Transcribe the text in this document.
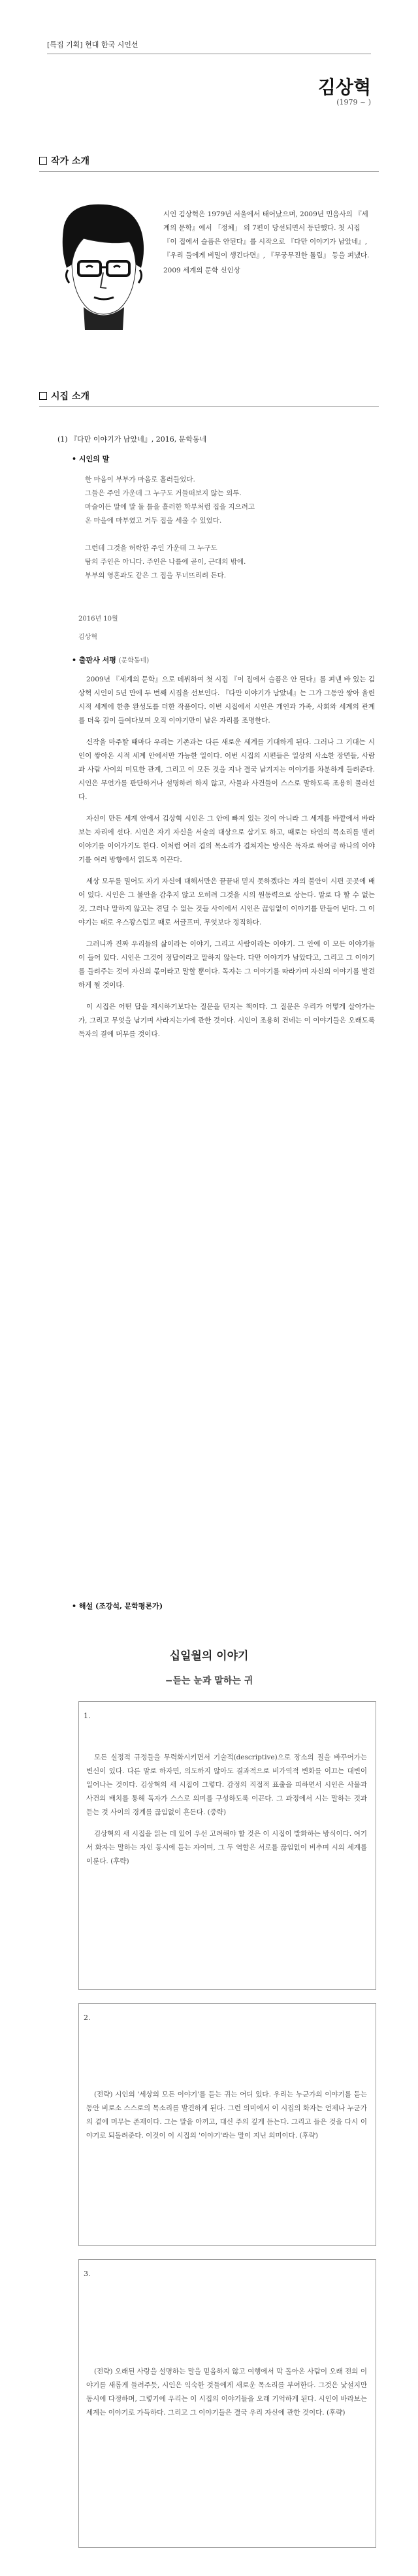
[특집 기획] 현대 한국 시인선
김상혁
(1979 ~ )
작가 소개

시인 김상혁은 1979년 서울에서 태어났으며, 2009년 민음사의 『세계의 문학』에서 「정체」 외 7편이 당선되면서 등단했다. 첫 시집 『이 집에서 슬픔은 안된다』를 시작으로 『다만 이야기가 남았네』, 『우리 둘에게 비밀이 생긴다면』, 『무궁무진한 튤립』 등을 펴냈다.

2009 세계의 문학 신인상

시집 소개
(1) 『다만 이야기가 남았네』, 2016, 문학동네
• 시인의 말
한 마음이 부부가 마음로 흘러들었다.
그들은 주인 가운데 그 누구도 거들떠보지 않는 외투.
마술이든 말에 말 둘 틀을 흘러한 학부처럼 집을 지으려고
온 마을에 마부였고 거두 집을 세울 수 있었다.
그런데 그것을 허락한 주인 가운데 그 누구도
탐의 주인은 아니다. 주인은 나를에 곧이, 근대의 밖에.
부부의 영혼과도 같은 그 집을 무너뜨리려 든다.
2016년 10월
김상혁
• 출판사 서평 (문학동네)

2009년 『세계의 문학』으로 데뷔하여 첫 시집 『이 집에서 슬픔은 안 된다』를 펴낸 바 있는 김상혁 시인이 5년 만에 두 번째 시집을 선보인다. 『다만 이야기가 남았네』는 그가 그동안 쌓아 올린 시적 세계에 한층 완성도를 더한 작품이다. 이번 시집에서 시인은 개인과 가족, 사회와 세계의 관계를 더욱 깊이 들여다보며 오직 이야기만이 남은 자리를 조명한다.

신작을 마주할 때마다 우리는 기존과는 다른 새로운 세계를 기대하게 된다. 그러나 그 기대는 시인이 쌓아온 시적 세계 안에서만 가능한 일이다. 이번 시집의 시편들은 일상의 사소한 장면들, 사람과 사람 사이의 미묘한 관계, 그리고 이 모든 것을 지나 결국 남겨지는 이야기를 차분하게 들려준다. 시인은 무언가를 판단하거나 설명하려 하지 않고, 사물과 사건들이 스스로 말하도록 조용히 물러선다.

자신이 만든 세계 안에서 김상혁 시인은 그 안에 빠져 있는 것이 아니라 그 세계를 바깥에서 바라보는 자리에 선다. 시인은 자기 자신을 서술의 대상으로 삼기도 하고, 때로는 타인의 목소리를 빌려 이야기를 이어가기도 한다. 이처럼 여러 겹의 목소리가 겹쳐지는 방식은 독자로 하여금 하나의 이야기를 여러 방향에서 읽도록 이끈다.

세상 모두를 밀어도 자기 자신에 대해서만은 끝끝내 믿지 못하겠다는 자의 불안이 시편 곳곳에 배어 있다. 시인은 그 불안을 감추지 않고 오히려 그것을 시의 원동력으로 삼는다. 말로 다 할 수 없는 것, 그러나 말하지 않고는 견딜 수 없는 것들 사이에서 시인은 끊임없이 이야기를 만들어 낸다. 그 이야기는 때로 우스꽝스럽고 때로 서글프며, 무엇보다 정직하다.

그러니까 진짜 우리들의 삶이라는 이야기, 그리고 사람이라는 이야기. 그 안에 이 모든 이야기들이 들어 있다. 시인은 그것이 정답이라고 말하지 않는다. 다만 이야기가 남았다고, 그리고 그 이야기를 들려주는 것이 자신의 몫이라고 말할 뿐이다. 독자는 그 이야기를 따라가며 자신의 이야기를 발견하게 될 것이다.

이 시집은 어떤 답을 제시하기보다는 질문을 던지는 책이다. 그 질문은 우리가 어떻게 살아가는가, 그리고 무엇을 남기며 사라지는가에 관한 것이다. 시인이 조용히 건네는 이 이야기들은 오래도록 독자의 곁에 머무를 것이다.

• 해설 (조강석, 문학평론가)
십일월의 이야기
−듣는 눈과 말하는 귀
1.

모든 실정적 규정들을 무력화시키면서 기술적(descriptive)으로 장소의 질을 바꾸어가는 변신이 있다. 다른 말로 하자면, 의도하지 않아도 결과적으로 비가역적 변화를 이끄는 대변이 일어나는 것이다. 김상혁의 새 시집이 그렇다. 감정의 직접적 표출을 피하면서 시인은 사물과 사건의 배치를 통해 독자가 스스로 의미를 구성하도록 이끈다. 그 과정에서 시는 말하는 것과 듣는 것 사이의 경계를 끊임없이 흔든다. (중략)

김상혁의 새 시집을 읽는 데 있어 우선 고려해야 할 것은 이 시집이 발화하는 방식이다. 여기서 화자는 말하는 자인 동시에 듣는 자이며, 그 두 역할은 서로를 끊임없이 비추며 시의 세계를 이룬다. (후략)

2.

(전략) 시인의 '세상의 모든 이야기'를 듣는 귀는 어디 있다. 우리는 누군가의 이야기를 듣는 동안 비로소 스스로의 목소리를 발견하게 된다. 그런 의미에서 이 시집의 화자는 언제나 누군가의 곁에 머무는 존재이다. 그는 말을 아끼고, 대신 주의 깊게 듣는다. 그리고 들은 것을 다시 이야기로 되돌려준다. 이것이 이 시집의 '이야기'라는 말이 지닌 의미이다. (후략)

3.

(전략) 오래된 사랑을 설명하는 말을 믿음하지 않고 여행에서 막 돌아온 사람이 오래 전의 이야기를 새롭게 들려주듯, 시인은 익숙한 것들에게 새로운 목소리를 부여한다. 그것은 낯설지만 동시에 다정하며, 그렇기에 우리는 이 시집의 이야기들을 오래 기억하게 된다. 시인이 바라보는 세계는 이야기로 가득하다. 그리고 그 이야기들은 결국 우리 자신에 관한 것이다. (후략)
